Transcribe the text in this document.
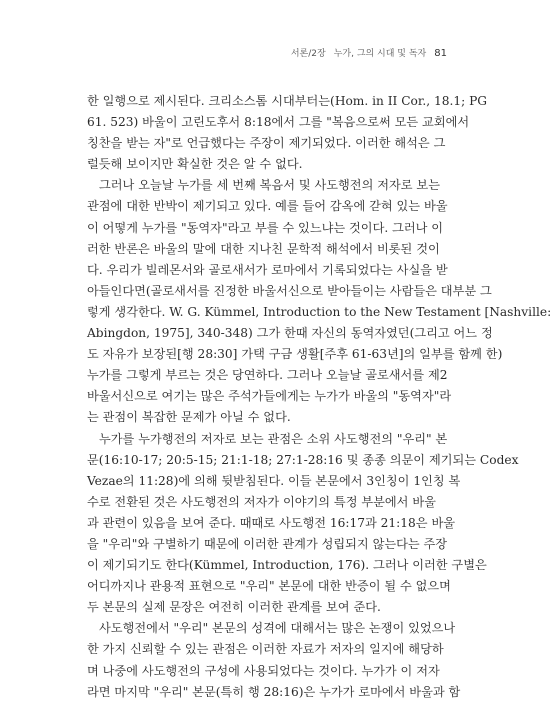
서론/2장 누가, 그의 시대 및 독자 81
한 일행으로 제시된다. 크리소스톰 시대부터는(Hom. in II Cor., 18.1; PG
61. 523) 바울이 고린도후서 8:18에서 그를 "복음으로써 모든 교회에서
칭찬을 받는 자"로 언급했다는 주장이 제기되었다. 이러한 해석은 그
럴듯해 보이지만 확실한 것은 알 수 없다.
그러나 오늘날 누가를 세 번째 복음서 및 사도행전의 저자로 보는
관점에 대한 반박이 제기되고 있다. 예를 들어 감옥에 갇혀 있는 바울
이 어떻게 누가를 "동역자"라고 부를 수 있느냐는 것이다. 그러나 이
러한 반론은 바울의 말에 대한 지나친 문학적 해석에서 비롯된 것이
다. 우리가 빌레몬서와 골로새서가 로마에서 기록되었다는 사실을 받
아들인다면(골로새서를 진정한 바울서신으로 받아들이는 사람들은 대부분 그
렇게 생각한다. W. G. Kümmel, Introduction to the New Testament [Nashville:
Abingdon, 1975], 340-348) 그가 한때 자신의 동역자였던(그리고 어느 정
도 자유가 보장된[행 28:30] 가택 구금 생활[주후 61-63년]의 일부를 함께 한)
누가를 그렇게 부르는 것은 당연하다. 그러나 오늘날 골로새서를 제2
바울서신으로 여기는 많은 주석가들에게는 누가가 바울의 "동역자"라
는 관점이 복잡한 문제가 아닐 수 없다.
누가를 누가행전의 저자로 보는 관점은 소위 사도행전의 "우리" 본
문(16:10-17; 20:5-15; 21:1-18; 27:1-28:16 및 종종 의문이 제기되는 Codex
Vezae의 11:28)에 의해 뒷받침된다. 이들 본문에서 3인칭이 1인칭 복
수로 전환된 것은 사도행전의 저자가 이야기의 특정 부분에서 바울
과 관련이 있음을 보여 준다. 때때로 사도행전 16:17과 21:18은 바울
을 "우리"와 구별하기 때문에 이러한 관계가 성립되지 않는다는 주장
이 제기되기도 한다(Kümmel, Introduction, 176). 그러나 이러한 구별은
어디까지나 관용적 표현으로 "우리" 본문에 대한 반증이 될 수 없으며
두 본문의 실제 문장은 여전히 이러한 관계를 보여 준다.
사도행전에서 "우리" 본문의 성격에 대해서는 많은 논쟁이 있었으나
한 가지 신뢰할 수 있는 관점은 이러한 자료가 저자의 일지에 해당하
며 나중에 사도행전의 구성에 사용되었다는 것이다. 누가가 이 저자
라면 마지막 "우리" 본문(특히 행 28:16)은 누가가 로마에서 바울과 함
